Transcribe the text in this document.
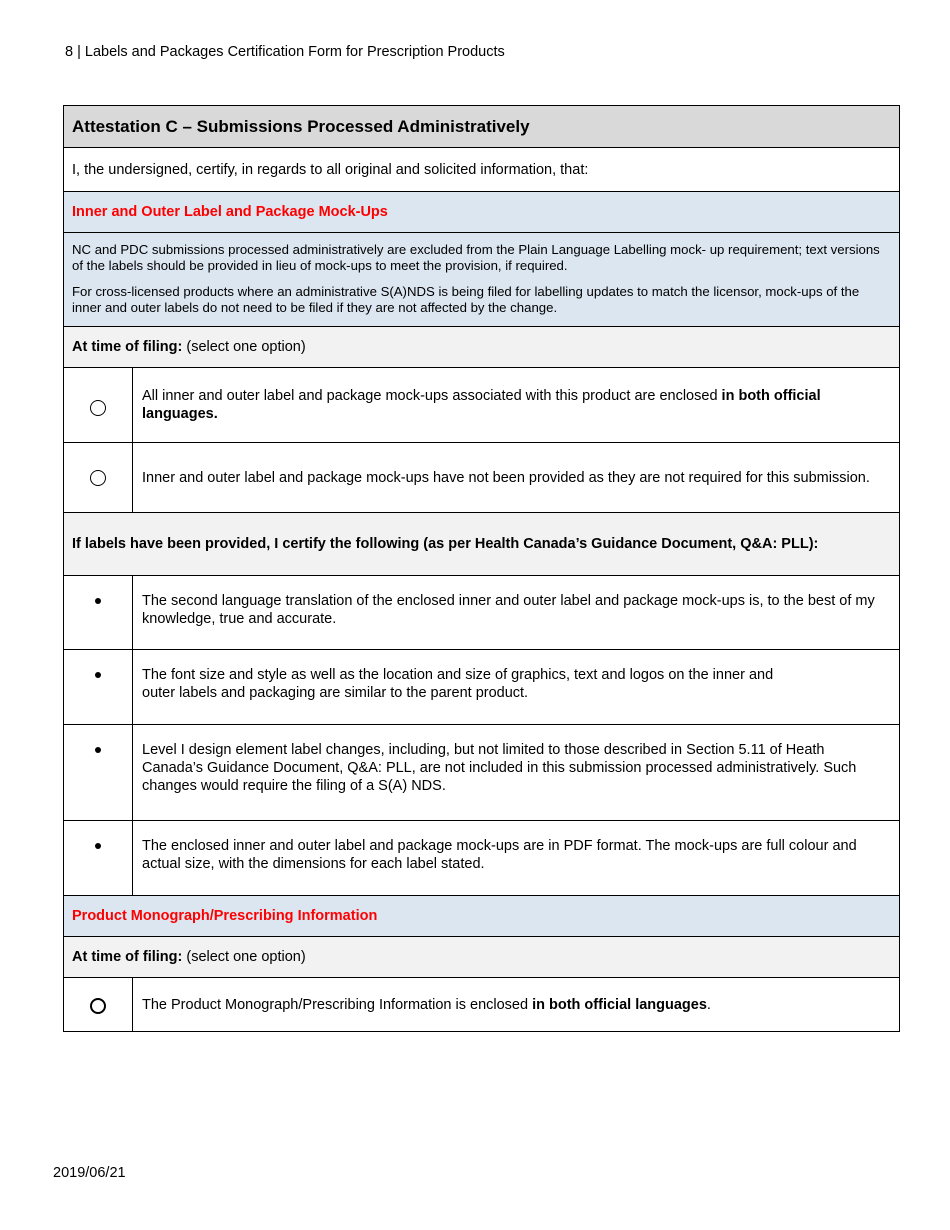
8 | Labels and Packages Certification Form for Prescription Products
Attestation C – Submissions Processed Administratively
I, the undersigned, certify, in regards to all original and solicited information, that:
Inner and Outer Label and Package Mock-Ups

NC and PDC submissions processed administratively are excluded from the Plain Language Labelling mock- up requirement; text versions of the labels should be provided in lieu of mock-ups to meet the provision, if required.

For cross-licensed products where an administrative S(A)NDS is being filed for labelling updates to match the licensor, mock-ups of the inner and outer labels do not need to be filed if they are not affected by the change.

At time of filing: (select one option)
All inner and outer label and package mock-ups associated with this product are enclosed in both official languages.
Inner and outer label and package mock-ups have not been provided as they are not required for this submission.
If labels have been provided, I certify the following (as per Health Canada’s Guidance Document, Q&A: PLL):
The second language translation of the enclosed inner and outer label and package mock-ups is, to the best of my knowledge, true and accurate.
The font size and style as well as the location and size of graphics, text and logos on the inner and outer labels and packaging are similar to the parent product.
Level I design element label changes, including, but not limited to those described in Section 5.11 of Heath Canada’s Guidance Document, Q&A: PLL, are not included in this submission processed administratively. Such changes would require the filing of a S(A) NDS.
The enclosed inner and outer label and package mock-ups are in PDF format. The mock-ups are full colour and actual size, with the dimensions for each label stated.
Product Monograph/Prescribing Information
At time of filing: (select one option)
The Product Monograph/Prescribing Information is enclosed in both official languages.
2019/06/21
